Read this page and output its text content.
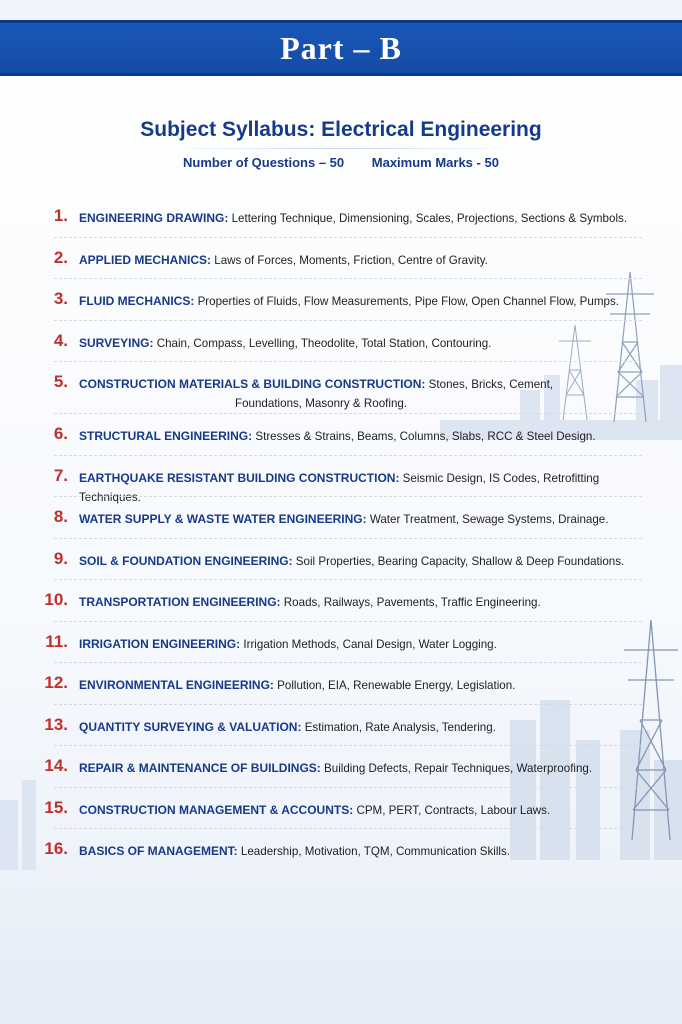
Part – B
Subject Syllabus: Electrical Engineering
Number of Questions – 50 Maximum Marks - 50
1. ENGINEERING DRAWING: Lettering Technique, Dimensioning, Scales, Projections, Sections & Symbols.
2. APPLIED MECHANICS: Laws of Forces, Moments, Friction, Centre of Gravity.
3. FLUID MECHANICS: Properties of Fluids, Flow Measurements, Pipe Flow, Open Channel Flow, Pumps.
4. SURVEYING: Chain, Compass, Levelling, Theodolite, Total Station, Contouring.
5. CONSTRUCTION MATERIALS & BUILDING CONSTRUCTION: Stones, Bricks, Cement,
Foundations, Masonry & Roofing.
6. STRUCTURAL ENGINEERING: Stresses & Strains, Beams, Columns, Slabs, RCC & Steel Design.
7. EARTHQUAKE RESISTANT BUILDING CONSTRUCTION: Seismic Design, IS Codes, Retrofitting Techniques.
8. WATER SUPPLY & WASTE WATER ENGINEERING: Water Treatment, Sewage Systems, Drainage.
9. SOIL & FOUNDATION ENGINEERING: Soil Properties, Bearing Capacity, Shallow & Deep Foundations.
10. TRANSPORTATION ENGINEERING: Roads, Railways, Pavements, Traffic Engineering.
11. IRRIGATION ENGINEERING: Irrigation Methods, Canal Design, Water Logging.
12. ENVIRONMENTAL ENGINEERING: Pollution, EIA, Renewable Energy, Legislation.
13. QUANTITY SURVEYING & VALUATION: Estimation, Rate Analysis, Tendering.
14. REPAIR & MAINTENANCE OF BUILDINGS: Building Defects, Repair Techniques, Waterproofing.
15. CONSTRUCTION MANAGEMENT & ACCOUNTS: CPM, PERT, Contracts, Labour Laws.
16. BASICS OF MANAGEMENT: Leadership, Motivation, TQM, Communication Skills.
